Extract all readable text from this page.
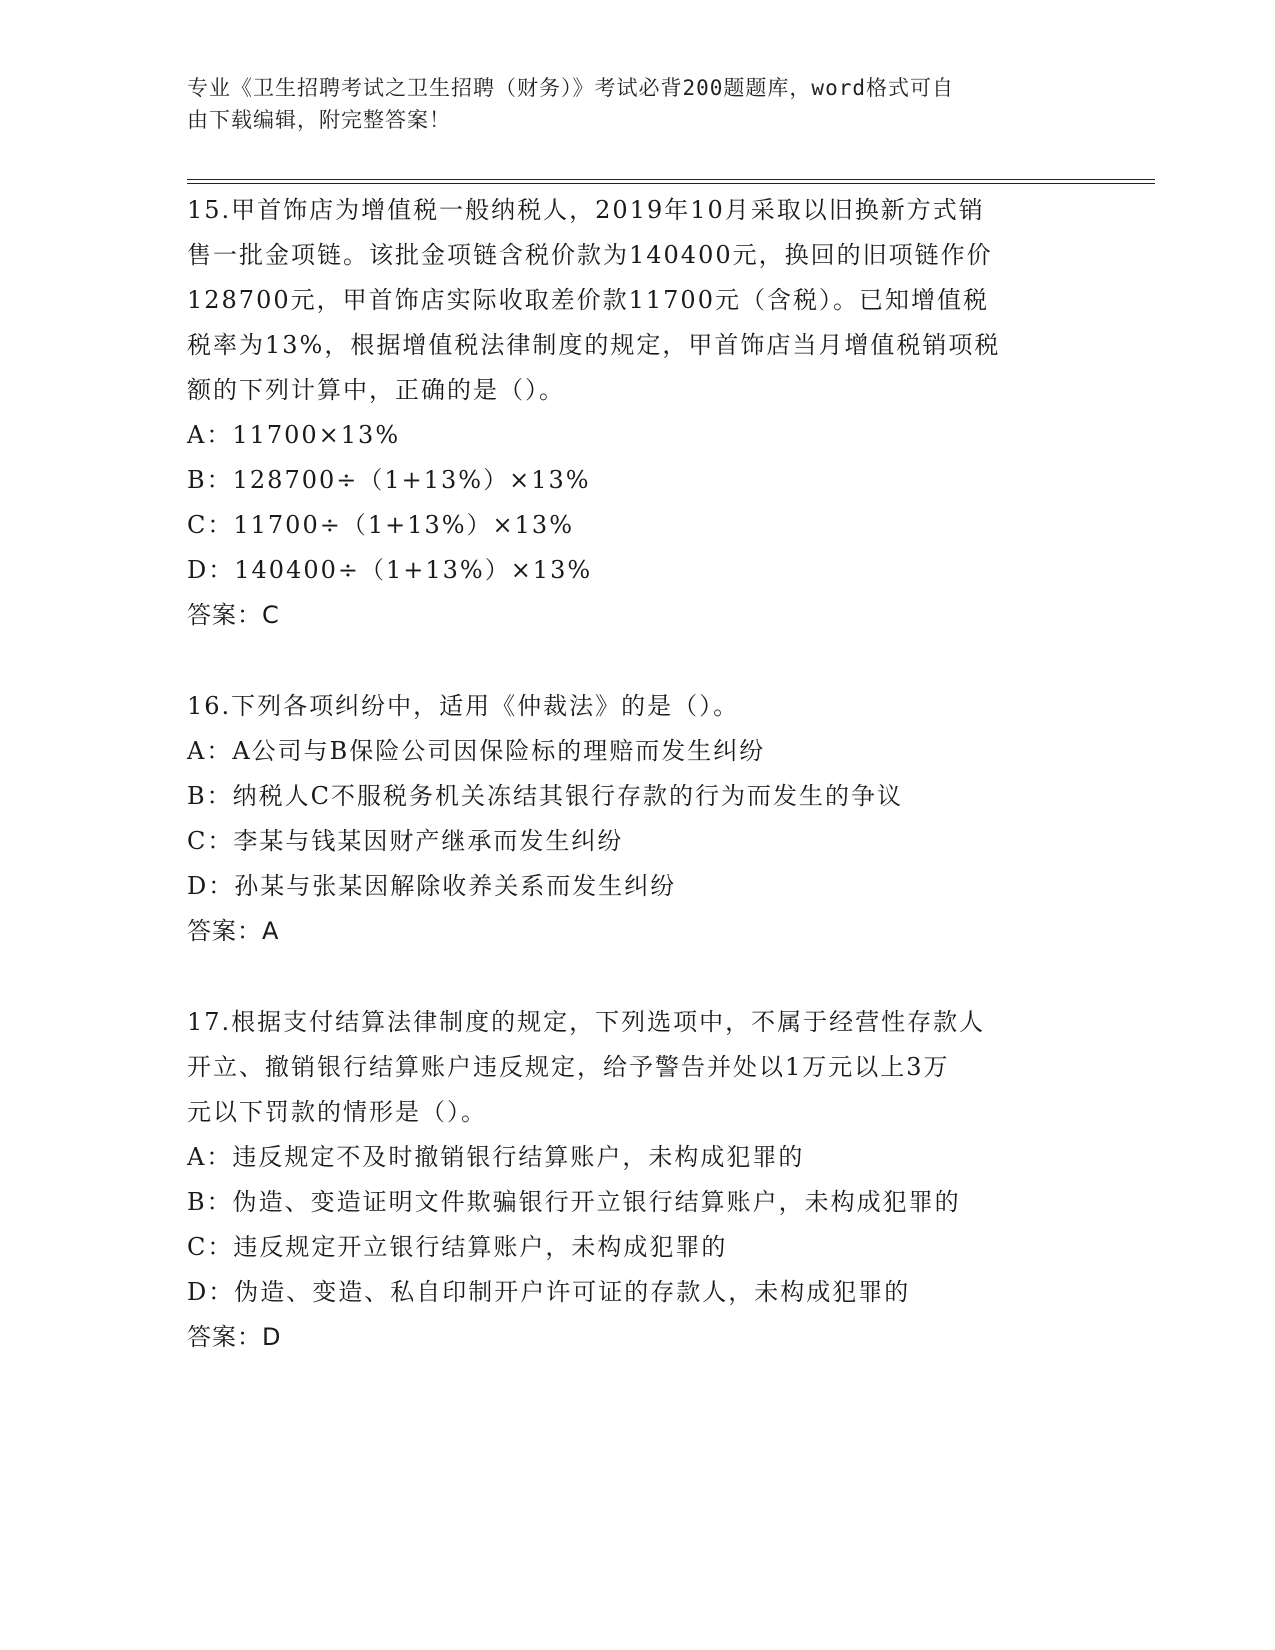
专业《卫生招聘考试之卫生招聘（财务）》考试必背200题题库，word格式可自
由下载编辑，附完整答案！

15.甲首饰店为增值税一般纳税人，2019年10月采取以旧换新方式销

售一批金项链。该批金项链含税价款为140400元，换回的旧项链作价

128700元，甲首饰店实际收取差价款11700元（含税）。已知增值税

税率为13%，根据增值税法律制度的规定，甲首饰店当月增值税销项税

额的下列计算中，正确的是（）。

A：11700×13%

B：128700÷（1+13%）×13%

C：11700÷（1+13%）×13%

D：140400÷（1+13%）×13%

答案：C

16.下列各项纠纷中，适用《仲裁法》的是（）。

A：A公司与B保险公司因保险标的理赔而发生纠纷

B：纳税人C不服税务机关冻结其银行存款的行为而发生的争议

C：李某与钱某因财产继承而发生纠纷

D：孙某与张某因解除收养关系而发生纠纷

答案：A

17.根据支付结算法律制度的规定，下列选项中，不属于经营性存款人

开立、撤销银行结算账户违反规定，给予警告并处以1万元以上3万

元以下罚款的情形是（）。

A：违反规定不及时撤销银行结算账户，未构成犯罪的

B：伪造、变造证明文件欺骗银行开立银行结算账户，未构成犯罪的

C：违反规定开立银行结算账户，未构成犯罪的

D：伪造、变造、私自印制开户许可证的存款人，未构成犯罪的

答案：D
